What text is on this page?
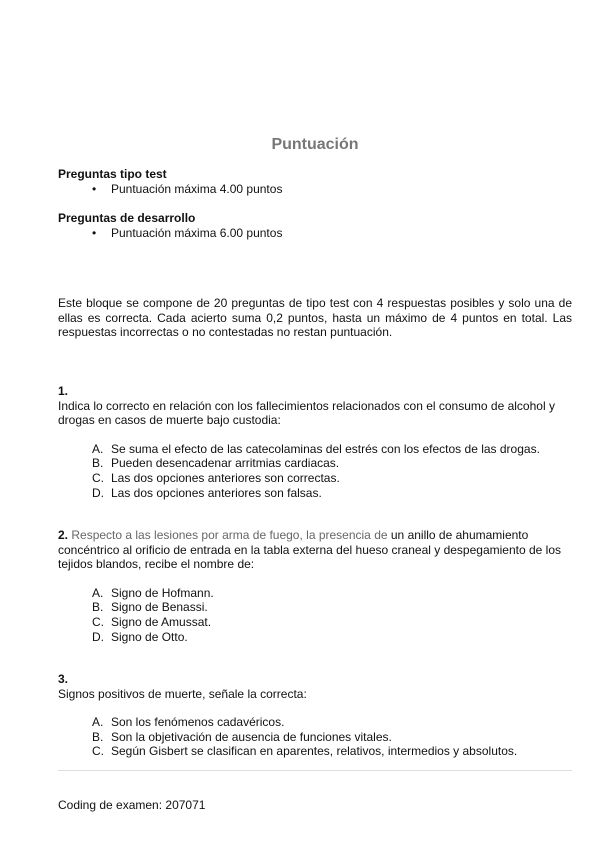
Puntuación

Preguntas tipo test

• Puntuación máxima 4.00 puntos

Preguntas de desarrollo

• Puntuación máxima 6.00 puntos

Este bloque se compone de 20 preguntas de tipo test con 4 respuestas posibles y solo una de ellas es correcta. Cada acierto suma 0,2 puntos, hasta un máximo de 4 puntos en total. Las respuestas incorrectas o no contestadas no restan puntuación.

1.

Indica lo correcto en relación con los fallecimientos relacionados con el consumo de alcohol y drogas en casos de muerte bajo custodia:

A. Se suma el efecto de las catecolaminas del estrés con los efectos de las drogas.
B. Pueden desencadenar arritmias cardiacas.
C. Las dos opciones anteriores son correctas.
D. Las dos opciones anteriores son falsas.

2. Respecto a las lesiones por arma de fuego, la presencia de un anillo de ahumamiento concéntrico al orificio de entrada en la tabla externa del hueso craneal y despegamiento de los tejidos blandos, recibe el nombre de:

A. Signo de Hofmann.
B. Signo de Benassi.
C. Signo de Amussat.
D. Signo de Otto.

3.

Signos positivos de muerte, señale la correcta:

A. Son los fenómenos cadavéricos.
B. Son la objetivación de ausencia de funciones vitales.
C. Según Gisbert se clasifican en aparentes, relativos, intermedios y absolutos.

Coding de examen: 207071
